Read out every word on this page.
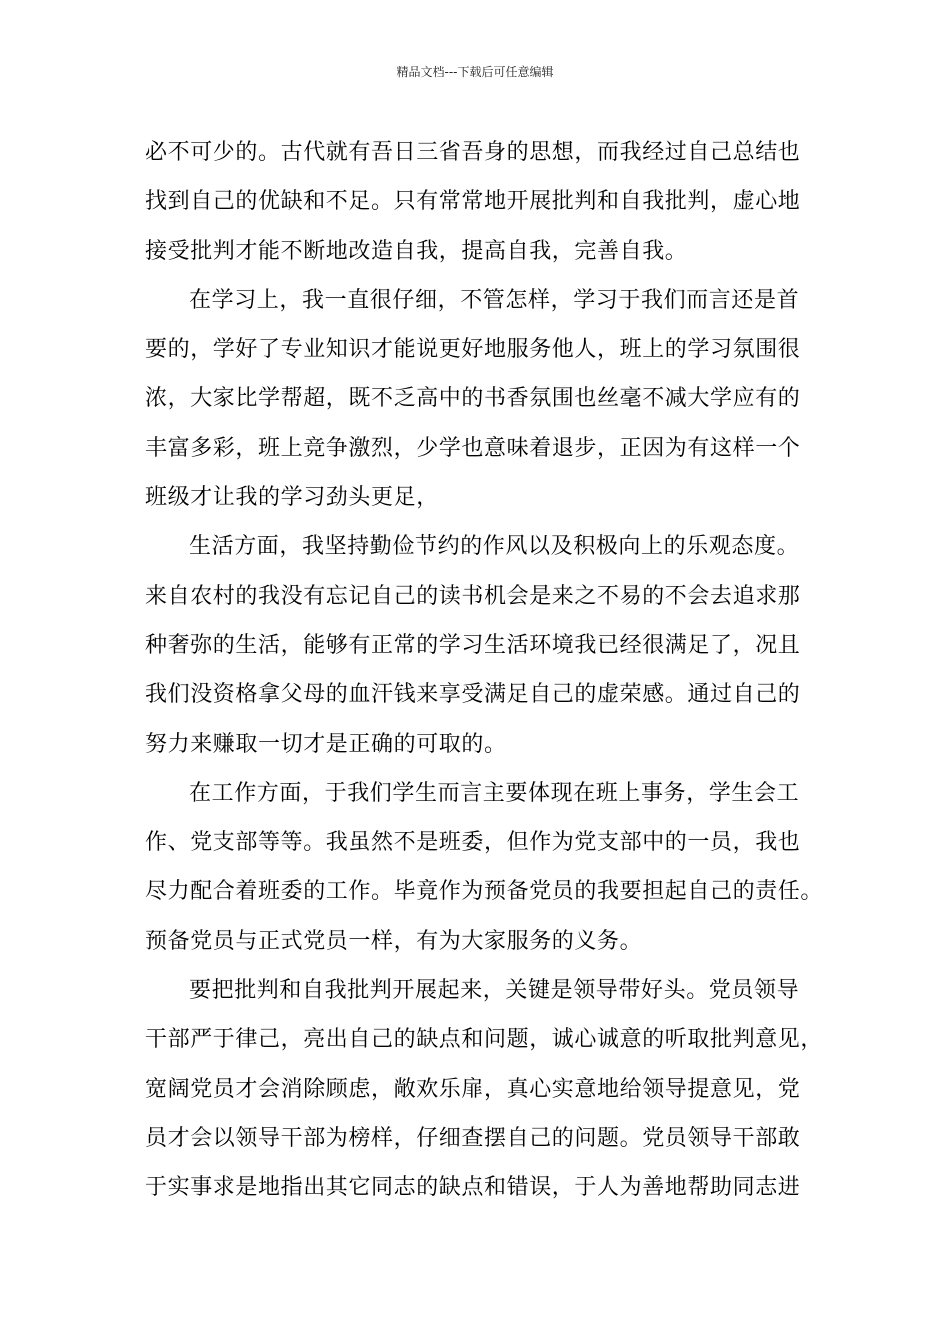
精品文档---下载后可任意编辑
必不可少的。古代就有吾日三省吾身的思想，而我经过自己总结也
找到自己的优缺和不足。只有常常地开展批判和自我批判，虚心地
接受批判才能不断地改造自我，提高自我，完善自我。
在学习上，我一直很仔细，不管怎样，学习于我们而言还是首
要的，学好了专业知识才能说更好地服务他人，班上的学习氛围很
浓，大家比学帮超，既不乏高中的书香氛围也丝毫不减大学应有的
丰富多彩，班上竞争激烈，少学也意味着退步，正因为有这样一个
班级才让我的学习劲头更足，
生活方面，我坚持勤俭节约的作风以及积极向上的乐观态度。
来自农村的我没有忘记自己的读书机会是来之不易的不会去追求那
种奢弥的生活，能够有正常的学习生活环境我已经很满足了，况且
我们没资格拿父母的血汗钱来享受满足自己的虚荣感。通过自己的
努力来赚取一切才是正确的可取的。
在工作方面，于我们学生而言主要体现在班上事务，学生会工
作、党支部等等。我虽然不是班委，但作为党支部中的一员，我也
尽力配合着班委的工作。毕竟作为预备党员的我要担起自己的责任。
预备党员与正式党员一样，有为大家服务的义务。
要把批判和自我批判开展起来，关键是领导带好头。党员领导
干部严于律己，亮出自己的缺点和问题，诚心诚意的听取批判意见，
宽阔党员才会消除顾虑，敞欢乐扉，真心实意地给领导提意见，党
员才会以领导干部为榜样，仔细查摆自己的问题。党员领导干部敢
于实事求是地指出其它同志的缺点和错误，于人为善地帮助同志进
